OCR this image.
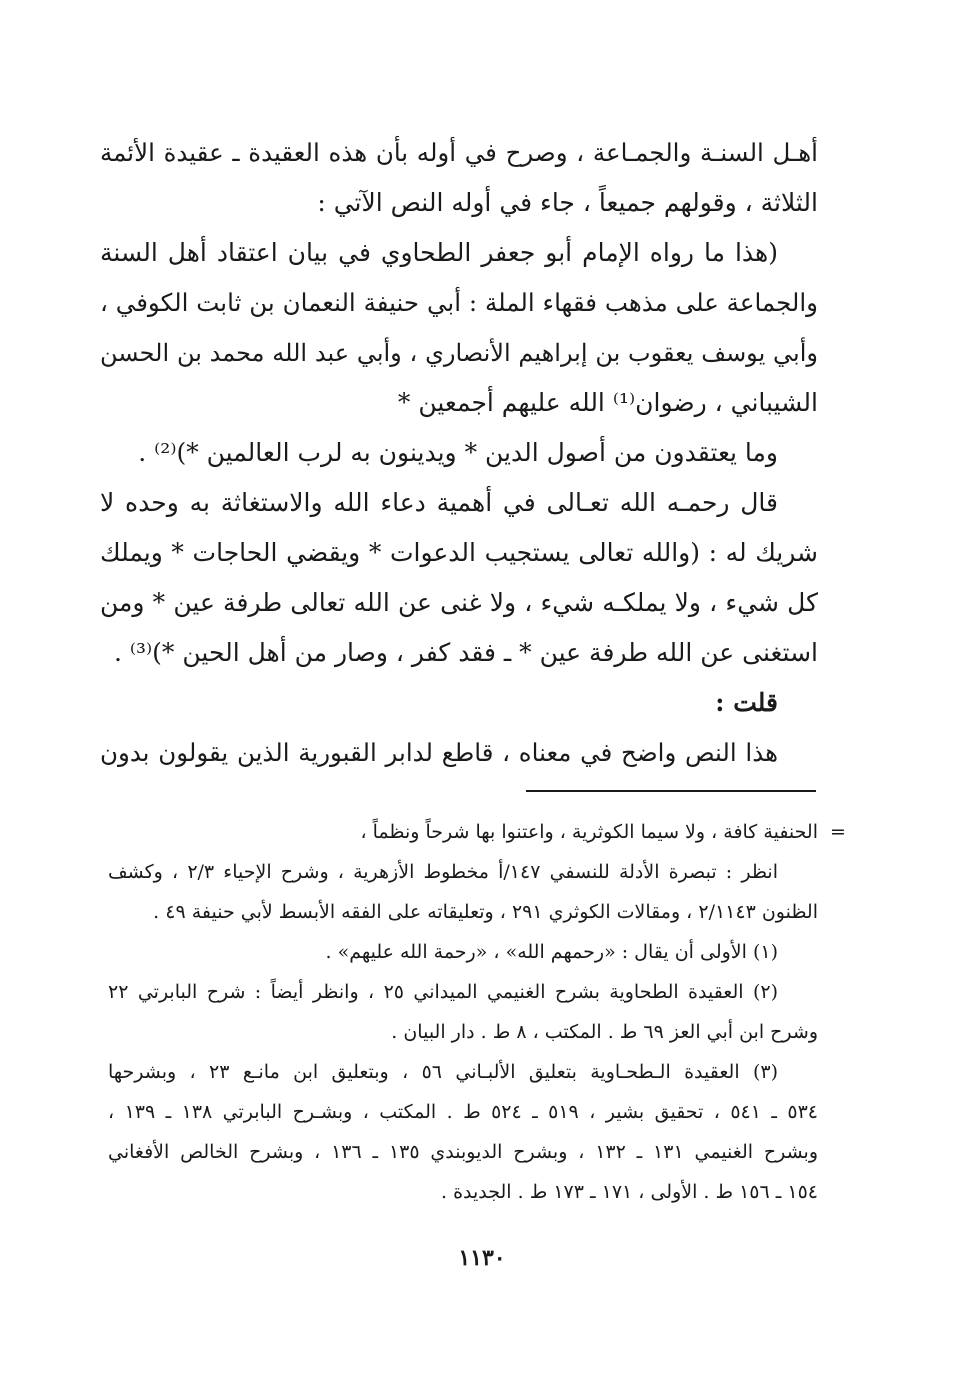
أهـل السنـة والجمـاعة ، وصرح في أوله بأن هذه العقيدة ـ عقيدة الأئمة
الثلاثة ، وقولهم جميعاً ، جاء في أوله النص الآتي :
(هذا ما رواه الإمام أبو جعفر الطحاوي في بيان اعتقاد أهل السنة
والجماعة على مذهب فقهاء الملة : أبي حنيفة النعمان بن ثابت الكوفي ،
وأبي يوسف يعقوب بن إبراهيم الأنصاري ، وأبي عبد الله محمد بن الحسن
الشيباني ، رضوان⁽¹⁾ الله عليهم أجمعين *
وما يعتقدون من أصول الدين * ويدينون به لرب العالمين *)⁽²⁾ .
قال رحمـه الله تعـالى في أهمية دعاء الله والاستغاثة به وحده لا
شريك له : (والله تعالى يستجيب الدعوات * ويقضي الحاجات * ويملك
كل شيء ، ولا يملكـه شيء ، ولا غنى عن الله تعالى طرفة عين * ومن
استغنى عن الله طرفة عين * ـ فقد كفر ، وصار من أهل الحين *)⁽³⁾ .
قلت :
هذا النص واضح في معناه ، قاطع لدابر القبورية الذين يقولون بدون
=
الحنفية كافة ، ولا سيما الكوثرية ، واعتنوا بها شرحاً ونظماً ،
انظر : تبصرة الأدلة للنسفي ١٤٧/أ مخطوط الأزهرية ، وشرح الإحياء ٢/٣ ، وكشف
الظنون ٢/١١٤٣ ، ومقالات الكوثري ٢٩١ ، وتعليقاته على الفقه الأبسط لأبي حنيفة ٤٩ .
(١) الأولى أن يقال : «رحمهم الله» ، «رحمة الله عليهم» .
(٢) العقيدة الطحاوية بشرح الغنيمي الميداني ٢٥ ، وانظر أيضاً : شرح البابرتي ٢٢
وشرح ابن أبي العز ٦٩ ط . المكتب ، ٨ ط . دار البيان .
(٣) العقيدة الـطحـاوية بتعليق الألبـاني ٥٦ ، وبتعليق ابن مانـع ٢٣ ، وبشرحها
٥٣٤ ـ ٥٤١ ، تحقيق بشير ، ٥١٩ ـ ٥٢٤ ط . المكتب ، وبشـرح البابرتي ١٣٨ ـ ١٣٩ ،
وبشرح الغنيمي ١٣١ ـ ١٣٢ ، وبشرح الديوبندي ١٣٥ ـ ١٣٦ ، وبشرح الخالص الأفغاني
١٥٤ ـ ١٥٦ ط . الأولى ، ١٧١ ـ ١٧٣ ط . الجديدة .
١١٣٠
